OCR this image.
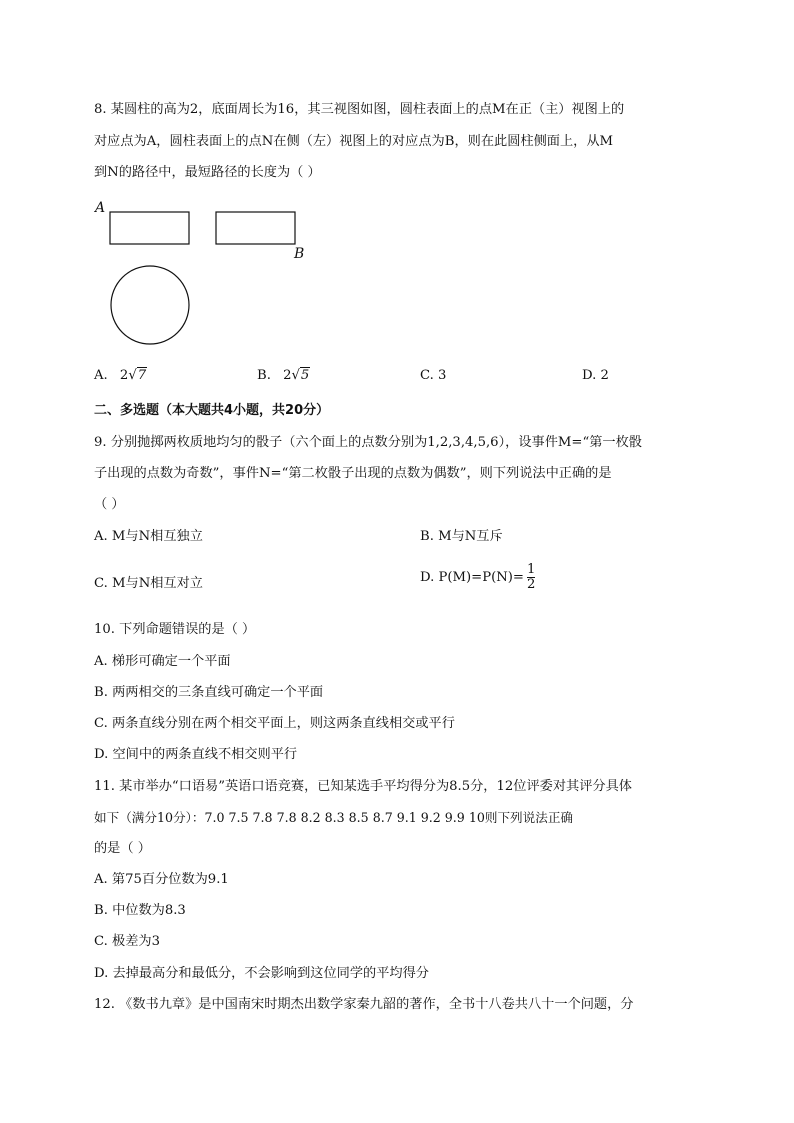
8. 某圆柱的高为2，底面周长为16，其三视图如图，圆柱表面上的点M在正（主）视图上的
对应点为A，圆柱表面上的点N在侧（左）视图上的对应点为B，则在此圆柱侧面上，从M
到N的路径中，最短路径的长度为（ ）
A
B
A. 2√7	B. 2√5	C. 3	D. 2
二、多选题（本大题共4小题，共20分）
9. 分别抛掷两枚质地均匀的骰子（六个面上的点数分别为1,2,3,4,5,6），设事件M=“第一枚骰
子出现的点数为奇数”，事件N=“第二枚骰子出现的点数为偶数”，则下列说法中正确的是
（ ）
A. M与N相互独立	B. M与N互斥
C. M与N相互对立	D. $P(M)=P(N)= \frac{1}{2}$
10. 下列命题错误的是（ ）
A. 梯形可确定一个平面
B. 两两相交的三条直线可确定一个平面
C. 两条直线分别在两个相交平面上，则这两条直线相交或平行
D. 空间中的两条直线不相交则平行
11. 某市举办“口语易”英语口语竞赛，已知某选手平均得分为8.5分，12位评委对其评分具体
如下（满分10分）：7.0 7.5 7.8 7.8 8.2 8.3 8.5 8.7 9.1 9.2 9.9 10则下列说法正确
的是（ ）
A. 第75百分位数为9.1
B. 中位数为8.3
C. 极差为3
D. 去掉最高分和最低分，不会影响到这位同学的平均得分
12. 《数书九章》是中国南宋时期杰出数学家秦九韶的著作，全书十八卷共八十一个问题，分
